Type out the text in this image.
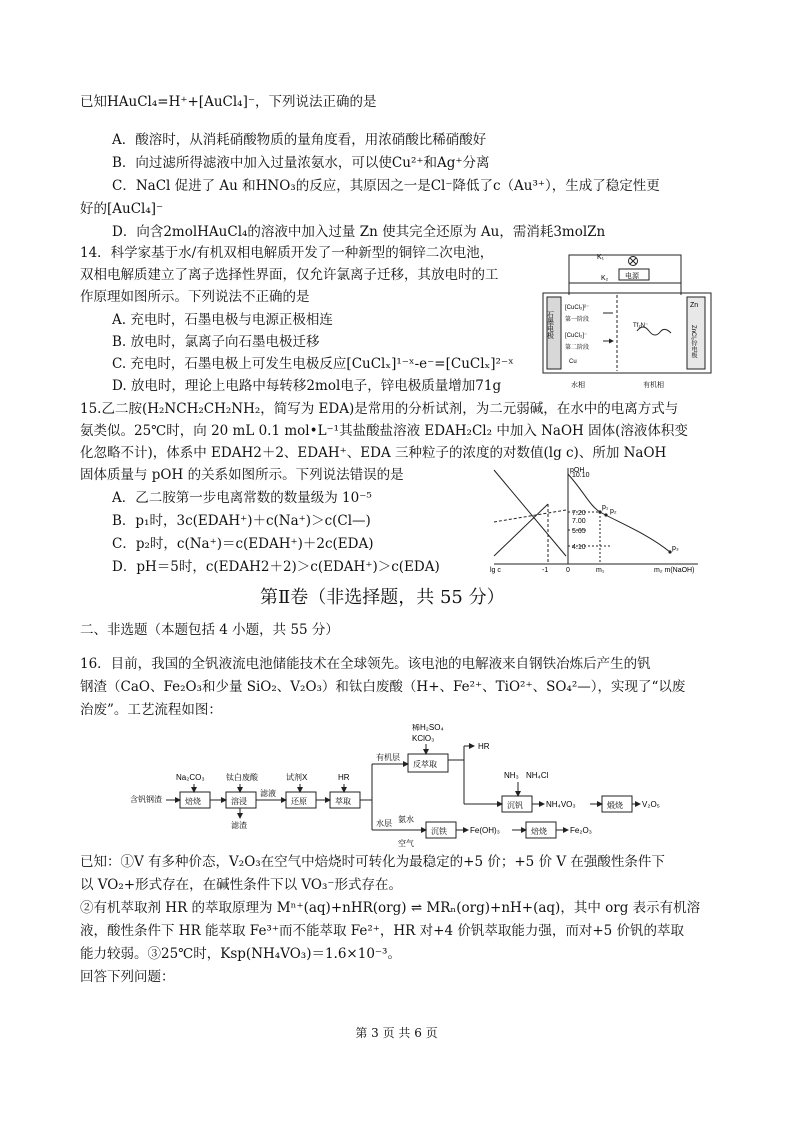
已知HAuCl₄=H⁺+[AuCl₄]⁻，下列说法正确的是
A．酸溶时，从消耗硝酸物质的量角度看，用浓硝酸比稀硝酸好
B．向过滤所得滤液中加入过量浓氨水，可以使Cu²⁺和Ag⁺分离
C．NaCl 促进了 Au 和HNO₃的反应，其原因之一是Cl⁻降低了c（Au³⁺），生成了稳定性更
好的[AuCl₄]⁻
D．向含2molHAuCl₄的溶液中加入过量 Zn 使其完全还原为 Au，需消耗3molZn
14．科学家基于水/有机双相电解质开发了一种新型的铜锌二次电池，
双相电解质建立了离子选择性界面，仅允许氯离子迁移，其放电时的工
作原理如图所示。下列说法不正确的是
A. 充电时，石墨电极与电源正极相连
B. 放电时，氯离子向石墨电极迁移
C. 充电时，石墨电极上可发生电极反应[CuClₓ]¹⁻ˣ-e⁻=[CuClₓ]²⁻ˣ
D. 放电时，理论上电路中每转移2mol电子，锌电极质量增加71g
K₁
K₂ 电源
石墨电极
Zn
ZnCl₂锌电极
[CuCl₂]²⁻
第一阶段
[CuCl₂]⁻
第二阶段
Cu
Tf₂N⁻
水相	有机相
15.乙二胺(H₂NCH₂CH₂NH₂，简写为 EDA)是常用的分析试剂，为二元弱碱，在水中的电离方式与
氨类似。25℃时，向 20 mL 0.1 mol•L⁻¹其盐酸盐溶液 EDAH₂Cl₂ 中加入 NaOH 固体(溶液体积变
化忽略不计)，体系中 EDAH2＋2、EDAH⁺、EDA 三种粒子的浓度的对数值(lg c)、所加 NaOH
固体质量与 pOH 的关系如图所示。下列说法错误的是
A．乙二胺第一步电离常数的数量级为 10⁻⁵
B．p₁时，3c(EDAH⁺)＋c(Na⁺)＞c(Cl—)
C．p₂时，c(Na⁺)＝c(EDAH⁺)＋2c(EDA)
D．pH＝5时，c(EDAH2＋2)＞c(EDAH⁺)＞c(EDA)
pOH
10.10
7.20
7.00
5.65
4.10
p₁
p₂
p₃
lg c	-1	0	m₁	m₂ m(NaOH)
第Ⅱ卷（非选择题，共 55 分）
二、非选题（本题包括 4 小题，共 55 分）
16．目前，我国的全钒液流电池储能技术在全球领先。该电池的电解液来自钢铁冶炼后产生的钒
钢渣（CaO、Fe₂O₃和少量 SiO₂、V₂O₃）和钛白废酸（H+、Fe²⁺、TiO²⁺、SO₄²—），实现了“以废
治废”。工艺流程如图：
含钒钢渣
Na₂CO₃
焙烧
钛白废酸
溶浸
滤渣
滤液
试剂X
还原
HR
萃取
有机层
水层
稀H₂SO₄
KClO₃
反萃取
HR
NH₃ NH₄Cl
沉钒	NH₄VO₃	煅烧 V₂O₅
氨水
空气
沉铁	Fe(OH)₃	焙烧	Fe₂O₃
已知：①V 有多种价态，V₂O₃在空气中焙烧时可转化为最稳定的+5 价；+5 价 V 在强酸性条件下
以 VO₂+形式存在，在碱性条件下以 VO₃⁻形式存在。
②有机萃取剂 HR 的萃取原理为 Mⁿ⁺(aq)+nHR(org) ⇌ MRₙ(org)+nH+(aq)，其中 org 表示有机溶
液，酸性条件下 HR 能萃取 Fe³⁺而不能萃取 Fe²⁺，HR 对+4 价钒萃取能力强，而对+5 价钒的萃取
能力较弱。③25℃时，Ksp(NH₄VO₃)＝1.6×10⁻³。
回答下列问题：
第 3 页 共 6 页
